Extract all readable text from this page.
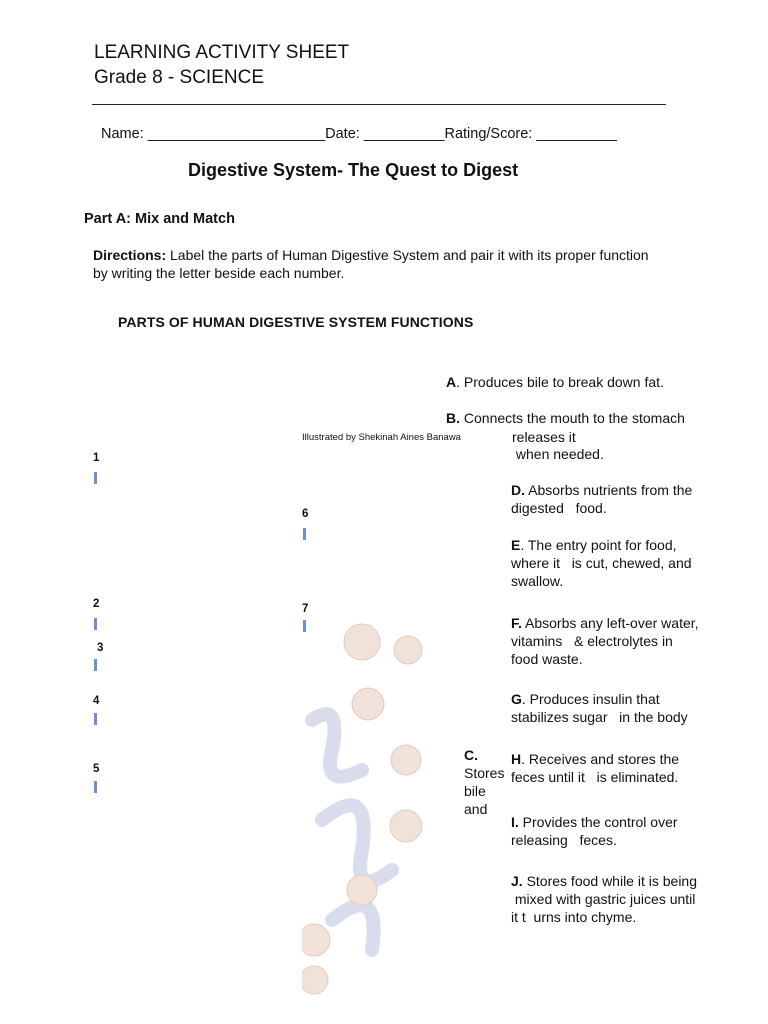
LEARNING ACTIVITY SHEET
Grade 8 - SCIENCE
Name: ______________________Date: __________Rating/Score: __________
Digestive System- The Quest to Digest
Part A: Mix and Match
Directions: Label the parts of Human Digestive System and pair it with its proper function by writing the letter beside each number.
PARTS OF HUMAN DIGESTIVE SYSTEM FUNCTIONS
Illustrated by Shekinah Aines Banawa
1
6
2	7
3
4
5
A. Produces bile to break down fat.
B. Connects the mouth to the stomach
releases it
when needed.
D. Absorbs nutrients from the
digested   food.
E. The entry point for food,
where it   is cut, chewed, and
swallow.
F. Absorbs any left-over water,
vitamins   & electrolytes in
food waste.
G. Produces insulin that
stabilizes sugar   in the body
C.
Stores
bile
and
H. Receives and stores the
feces until it   is eliminated.
I. Provides the control over
releasing   feces.
J. Stores food while it is being
mixed with gastric juices until
it t  urns into chyme.
